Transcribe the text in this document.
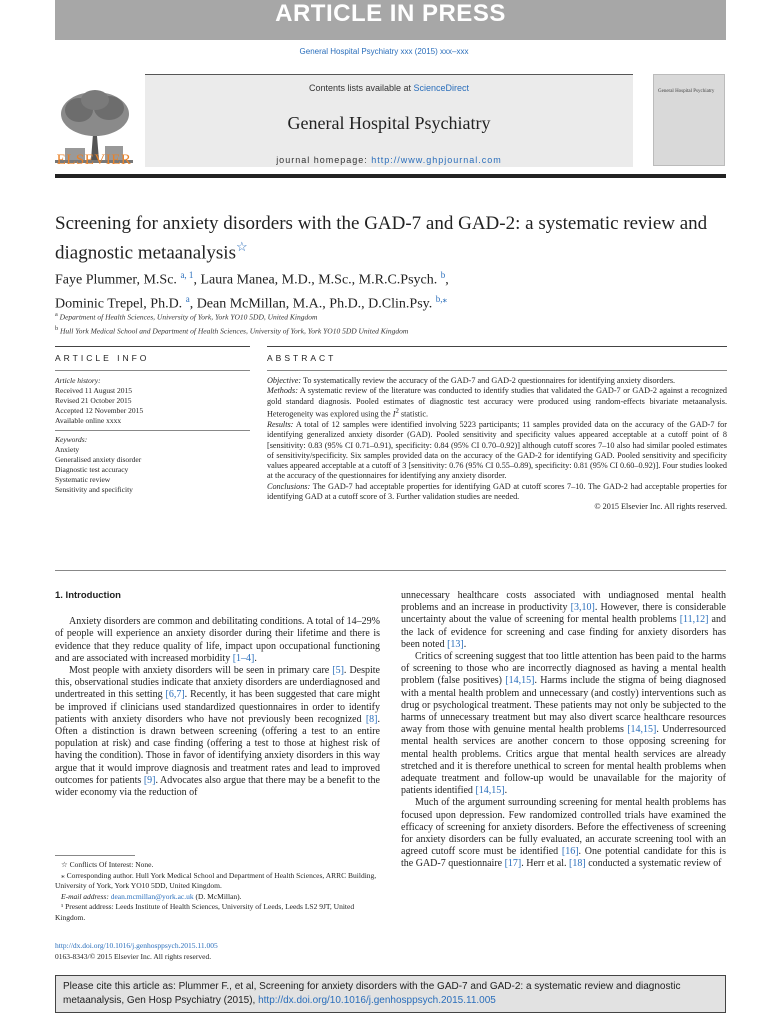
ARTICLE IN PRESS
General Hospital Psychiatry xxx (2015) xxx–xxx
ELSEVIER
Contents lists available at ScienceDirect
General Hospital Psychiatry
journal homepage: http://www.ghpjournal.com
General Hospital Psychiatry
Screening for anxiety disorders with the GAD-7 and GAD-2: a systematic review and diagnostic metaanalysis☆
Faye Plummer, M.Sc. $^{a, 1}$, Laura Manea, M.D., M.Sc., M.R.C.Psych. $^b$,
Dominic Trepel, Ph.D. $^a$, Dean McMillan, M.A., Ph.D., D.Clin.Psy. $^{b,⁎}$
$^a$ Department of Health Sciences, University of York, York YO10 5DD, United Kingdom
$^b$ Hull York Medical School and Department of Health Sciences, University of York, York YO10 5DD United Kingdom
ARTICLE INFO	ABSTRACT
Article history:
Received 11 August 2015
Revised 21 October 2015
Accepted 12 November 2015
Available online xxxx
Keywords:
Anxiety
Generalised anxiety disorder
Diagnostic test accuracy
Systematic review
Sensitivity and specificity
Objective: To systematically review the accuracy of the GAD-7 and GAD-2 questionnaires for identifying anxiety disorders.
Methods: A systematic review of the literature was conducted to identify studies that validated the GAD-7 or GAD-2 against a recognized gold standard diagnosis. Pooled estimates of diagnostic test accuracy were produced using random-effects bivariate metaanalysis. Heterogeneity was explored using the $I^2$ statistic.
Results: A total of 12 samples were identified involving 5223 participants; 11 samples provided data on the accuracy of the GAD-7 for identifying generalized anxiety disorder (GAD). Pooled sensitivity and specificity values appeared acceptable at a cutoff point of 8 [sensitivity: 0.83 (95% CI 0.71–0.91), specificity: 0.84 (95% CI 0.70–0.92)] although cutoff scores 7–10 also had similar pooled estimates of sensitivity/specificity. Six samples provided data on the accuracy of the GAD-2 for identifying GAD. Pooled sensitivity and specificity values appeared acceptable at a cutoff of 3 [sensitivity: 0.76 (95% CI 0.55–0.89), specificity: 0.81 (95% CI 0.60–0.92)]. Four studies looked at the accuracy of the questionnaires for identifying any anxiety disorder.
Conclusions: The GAD-7 had acceptable properties for identifying GAD at cutoff scores 7–10. The GAD-2 had acceptable properties for identifying GAD at a cutoff score of 3. Further validation studies are needed.
© 2015 Elsevier Inc. All rights reserved.
1. Introduction

Anxiety disorders are common and debilitating conditions. A total of 14–29% of people will experience an anxiety disorder during their lifetime and there is evidence that they reduce quality of life, impact upon occupational functioning and are associated with increased morbidity [1–4].

Most people with anxiety disorders will be seen in primary care [5]. Despite this, observational studies indicate that anxiety disorders are underdiagnosed and undertreated in this setting [6,7]. Recently, it has been suggested that care might be improved if clinicians used standardized questionnaires in order to identify patients with anxiety disorders who have not previously been recognized [8]. Often a distinction is drawn between screening (offering a test to an entire population at risk) and case finding (offering a test to those at highest risk of having the condition). Those in favor of identifying anxiety disorders in this way argue that it would improve diagnosis and treatment rates and lead to improved outcomes for patients [9]. Advocates also argue that there may be a benefit to the wider economy via the reduction of

unnecessary healthcare costs associated with undiagnosed mental health problems and an increase in productivity [3,10]. However, there is considerable uncertainty about the value of screening for mental health problems [11,12] and the lack of evidence for screening and case finding for anxiety disorders has been noted [13].

Critics of screening suggest that too little attention has been paid to the harms of screening to those who are incorrectly diagnosed as having a mental health problem (false positives) [14,15]. Harms include the stigma of being diagnosed with a mental health problem and unnecessary (and costly) interventions such as drug or psychological treatment. These patients may not only be subjected to the harms of unnecessary treatment but may also divert scarce healthcare resources away from those with genuine mental health problems [14,15]. Underresourced mental health services are another concern to those opposing screening for mental health problems. Critics argue that mental health services are already stretched and it is therefore unethical to screen for mental health problems when adequate treatment and follow-up would be unavailable for the majority of patients identified [14,15].

Much of the argument surrounding screening for mental health problems has focused upon depression. Few randomized controlled trials have examined the efficacy of screening for anxiety disorders. Before the effectiveness of screening for anxiety disorders can be fully evaluated, an accurate screening tool with an agreed cutoff score must be identified [16]. One potential candidate for this is the GAD-7 questionnaire [17]. Herr et al. [18] conducted a systematic review of

☆ Conflicts Of Interest: None.
⁎ Corresponding author. Hull York Medical School and Department of Health Sciences, ARRC Building, University of York, York YO10 5DD, United Kingdom.
E-mail address: dean.mcmillan@york.ac.uk (D. McMillan).
¹ Present address: Leeds Institute of Health Sciences, University of Leeds, Leeds LS2 9JT, United Kingdom.
http://dx.doi.org/10.1016/j.genhosppsych.2015.11.005
0163-8343/© 2015 Elsevier Inc. All rights reserved.
Please cite this article as: Plummer F., et al, Screening for anxiety disorders with the GAD-7 and GAD-2: a systematic review and diagnostic metaanalysis, Gen Hosp Psychiatry (2015), http://dx.doi.org/10.1016/j.genhosppsych.2015.11.005
